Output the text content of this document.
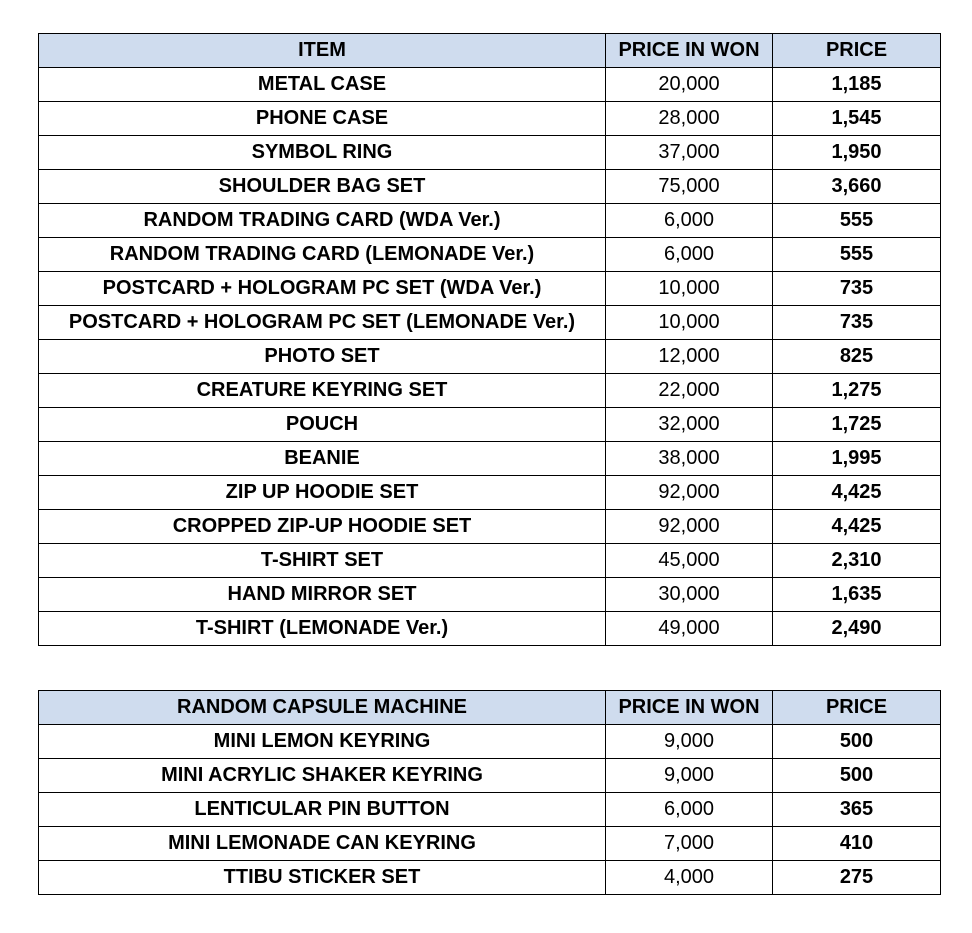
ITEM	PRICE IN WON	PRICE
METAL CASE	20,000	1,185
PHONE CASE	28,000	1,545
SYMBOL RING	37,000	1,950
SHOULDER BAG SET	75,000	3,660
RANDOM TRADING CARD (WDA Ver.)	6,000	555
RANDOM TRADING CARD (LEMONADE Ver.)	6,000	555
POSTCARD + HOLOGRAM PC SET (WDA Ver.)	10,000	735
POSTCARD + HOLOGRAM PC SET (LEMONADE Ver.)	10,000	735
PHOTO SET	12,000	825
CREATURE KEYRING SET	22,000	1,275
POUCH	32,000	1,725
BEANIE	38,000	1,995
ZIP UP HOODIE SET	92,000	4,425
CROPPED ZIP-UP HOODIE SET	92,000	4,425
T-SHIRT SET	45,000	2,310
HAND MIRROR SET	30,000	1,635
T-SHIRT (LEMONADE Ver.)	49,000	2,490
RANDOM CAPSULE MACHINE	PRICE IN WON	PRICE
MINI LEMON KEYRING	9,000	500
MINI ACRYLIC SHAKER KEYRING	9,000	500
LENTICULAR PIN BUTTON	6,000	365
MINI LEMONADE CAN KEYRING	7,000	410
TTIBU STICKER SET	4,000	275
